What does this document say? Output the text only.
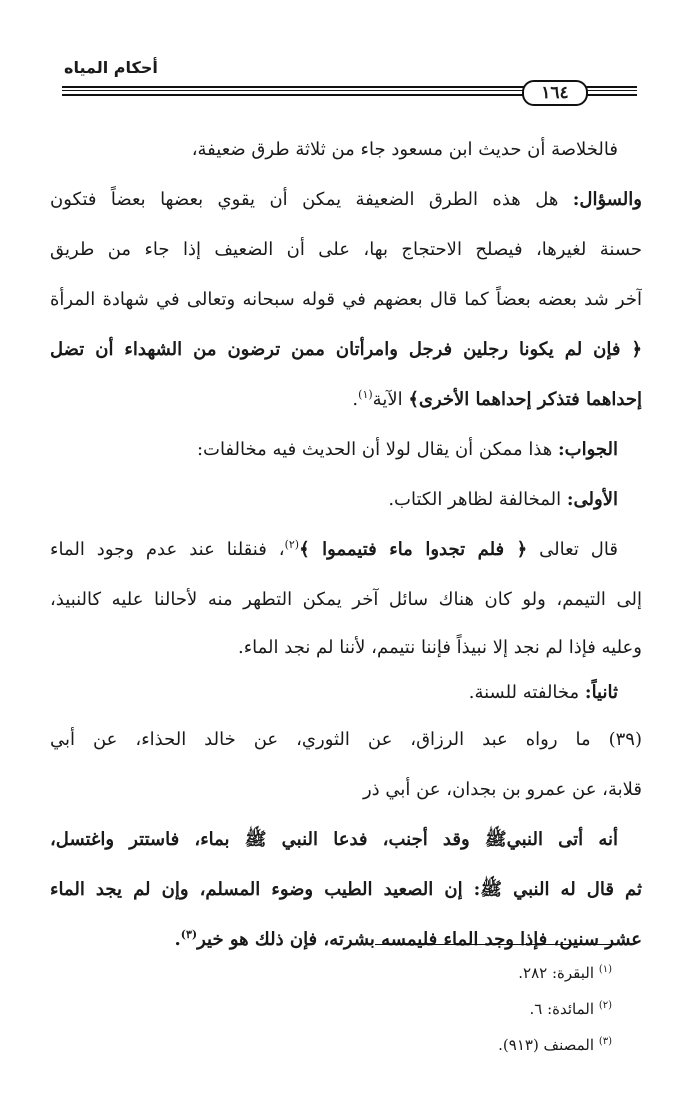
أحكام المياه
١٦٤
فالخلاصة أن حديث ابن مسعود جاء من ثلاثة طرق ضعيفة،
والسؤال: هل هذه الطرق الضعيفة يمكن أن يقوي بعضها بعضاً فتكون
حسنة لغيرها، فيصلح الاحتجاج بها، على أن الضعيف إذا جاء من طريق
آخر شد بعضه بعضاً كما قال بعضهم في قوله سبحانه وتعالى في شهادة المرأة
﴿ فإن لم يكونا رجلين فرجل وامرأتان ممن ترضون من الشهداء أن تضل
إحداهما فتذكر إحداهما الأخرى﴾ الآية$^{(١)}$.
الجواب: هذا ممكن أن يقال لولا أن الحديث فيه مخالفات:
الأولى: المخالفة لظاهر الكتاب.
قال تعالى ﴿ فلم تجدوا ماء فتيمموا ﴾$^{(٢)}$، فنقلنا عند عدم وجود الماء
إلى التيمم، ولو كان هناك سائل آخر يمكن التطهر منه لأحالنا عليه كالنبيذ،
وعليه فإذا لم نجد إلا نبيذاً فإننا نتيمم، لأننا لم نجد الماء.
ثانياً: مخالفته للسنة.
(٣٩) ما رواه عبد الرزاق، عن الثوري، عن خالد الحذاء، عن أبي
قلابة، عن عمرو بن بجدان، عن أبي ذر
أنه أتى النبيﷺ وقد أجنب، فدعا النبي ﷺ بماء، فاستتر واغتسل،
ثم قال له النبي ﷺ: إن الصعيد الطيب وضوء المسلم، وإن لم يجد الماء
عشر سنين، فإذا وجد الماء فليمسه بشرته، فإن ذلك هو خير$^{(٣)}$.
$^{(١)}$ البقرة: ٢٨٢.
$^{(٢)}$ المائدة: ٦.
$^{(٣)}$ المصنف (٩١٣).
